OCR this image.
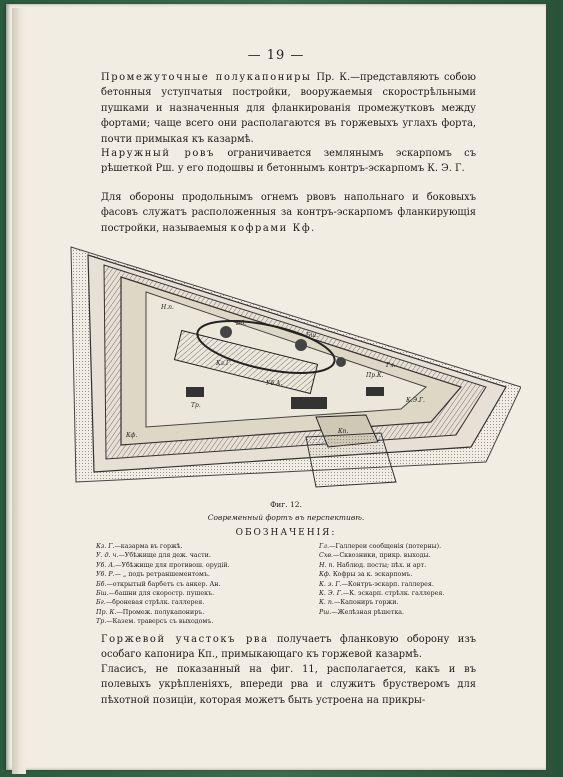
— 19 —
Промежуточные полукапониры Пр. К.—представляють собою бетонныя уступчатыя постройки, вооружаемыя скорострѣльными пушками и назначенныя для фланкированія промежутковъ между фортами; чаще всего они располагаются въ горжевыхъ углахъ форта, почти примыкая къ казармѣ.
Наружный ровъ ограничивается землянымъ эскарпомъ съ рѣшеткой Рш. у его подошвы и бетоннымъ контръ-эскарпомъ К. Э. Г.
Для обороны продольнымъ огнемъ рвовъ напольнаго и боковыхъ фасовъ служатъ расположенныя за контръ-эскарпомъ фланкирующія постройки, называемыя кофрами Кф.
Кз.Г.
Н.п.
Бб.
Бш.
Пр.К.
Тр.
Кф.
К.Э.Г.
Кп.
Уб.А.
Гл.
Фиг. 12.
Современный фортъ въ перспективѣ.
ОБОЗНАЧЕНІЯ:
Кз. Г.—казарма въ горжѣ.
У. д. ч.—Убѣжище для деж. части.
Уб. А.—Убѣжище для противош. орудій.
Уб. Р.— „ подъ ретраншементомъ.
Бб.—открытый барбетъ съ анкер. Ан.
Бш.—башни для скоростр. пушекъ.
Бг.—броневая стрѣлк. галлерея.
Пр. К.—Промеж. полукапониръ.
Тр.—Казем. траверсъ съ выходомъ.
Гл.—Галлереи сообщенія (потерны).
Схв.—Сквозники, прикр. выходы.
Н. п. Наблюд. посты; пѣх. и арт.
Кф. Кофры за к. эскарпомъ.
К. э. Г.—Контръ-эскарп. галлерея.
К. Э. Г.—К. эскарп. стрѣлк. галлерея.
К. п.—Капониръ горжи.
Рш.—Желѣзная рѣшетка.
Горжевой участокъ рва получаетъ фланковую оборону изъ особаго капонира Кп., примыкающаго къ горжевой казармѣ.
Гласисъ, не показанный на фиг. 11, располагается, какъ и въ полевыхъ укрѣпленіяхъ, впереди рва и служитъ брустверомъ для пѣхотной позиціи, которая можетъ быть устроена на прикры-
